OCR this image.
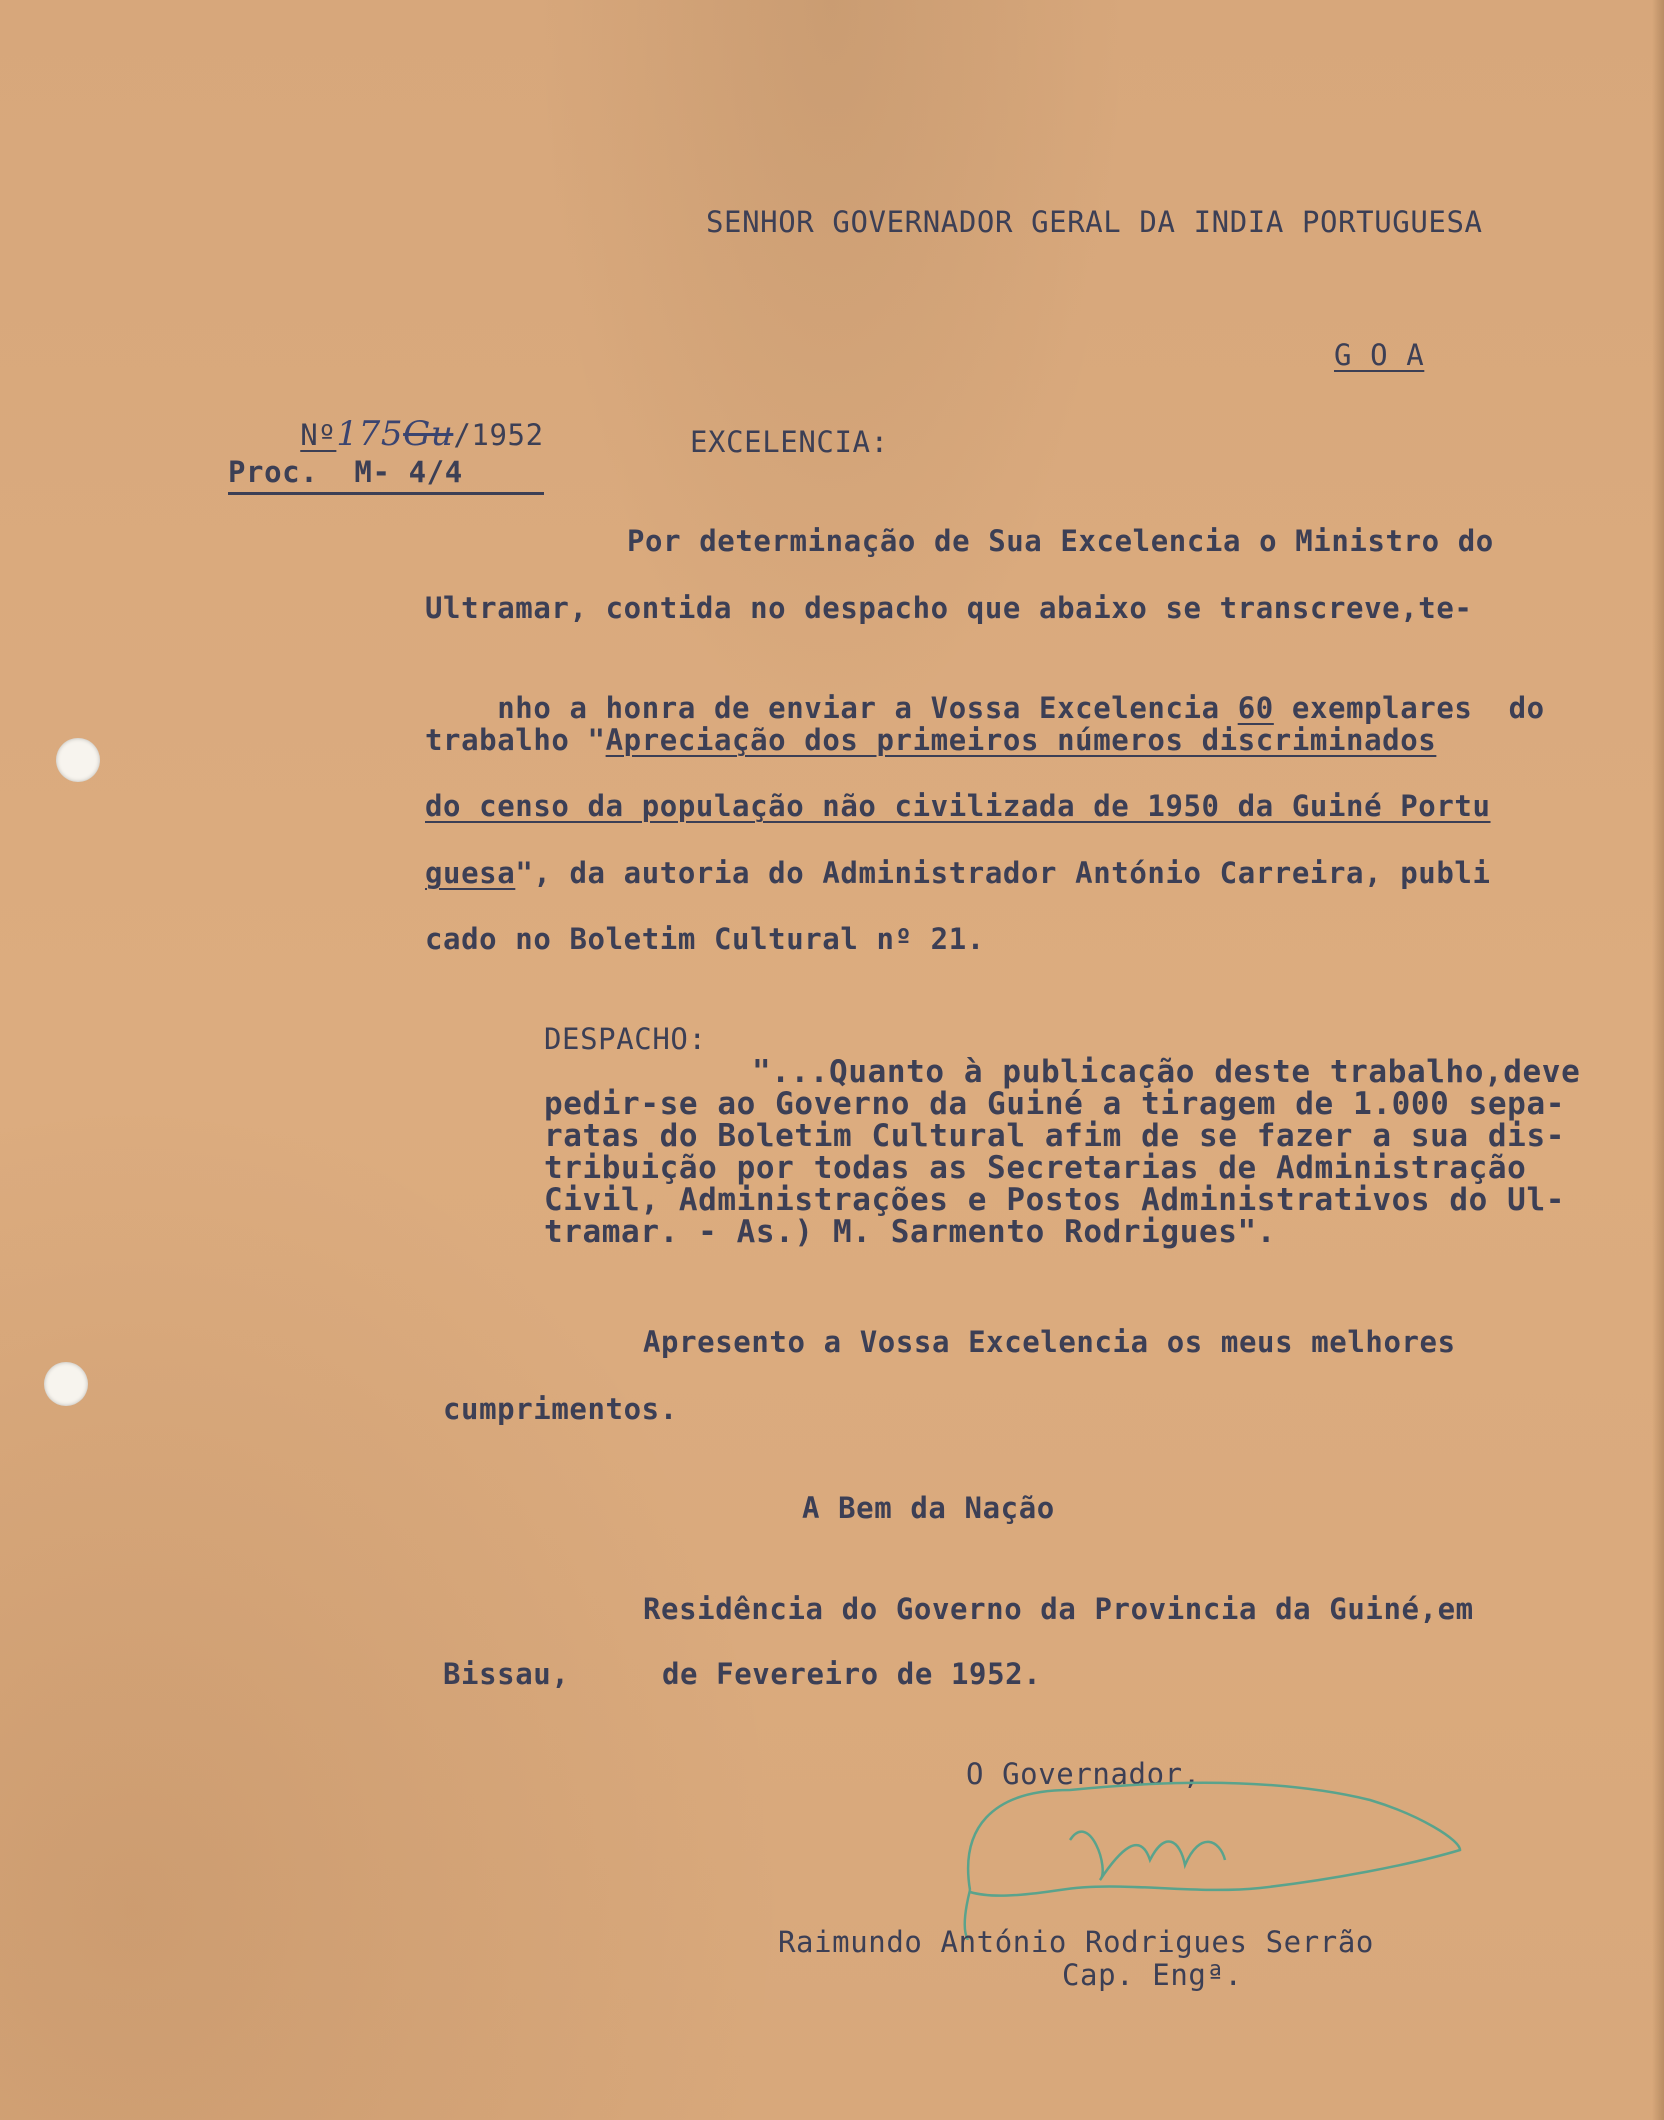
SENHOR GOVERNADOR GERAL DA INDIA PORTUGUESA
G O A

Nº175Gu/1952

Proc.  M- 4/4
EXCELENCIA:
Por determinação de Sua Excelencia o Ministro do
Ultramar, contida no despacho que abaixo se transcreve,te-

nho a honra de enviar a Vossa Excelencia 60 exemplares  do

trabalho "Apreciação dos primeiros números discriminados
do censo da população não civilizada de 1950 da Guiné Portu
guesa", da autoria do Administrador António Carreira, publi
cado no Boletim Cultural nº 21.
DESPACHO:
"...Quanto à publicação deste trabalho,deve
pedir-se ao Governo da Guiné a tiragem de 1.000 sepa-
ratas do Boletim Cultural afim de se fazer a sua dis-
tribuição por todas as Secretarias de Administração
Civil, Administrações e Postos Administrativos do Ul-
tramar. - As.) M. Sarmento Rodrigues".
Apresento a Vossa Excelencia os meus melhores
cumprimentos.
A Bem da Nação
Residência do Governo da Provincia da Guiné,em
Bissau,	de Fevereiro de 1952.
O Governador,
Raimundo António Rodrigues Serrão
Cap. Engª.
